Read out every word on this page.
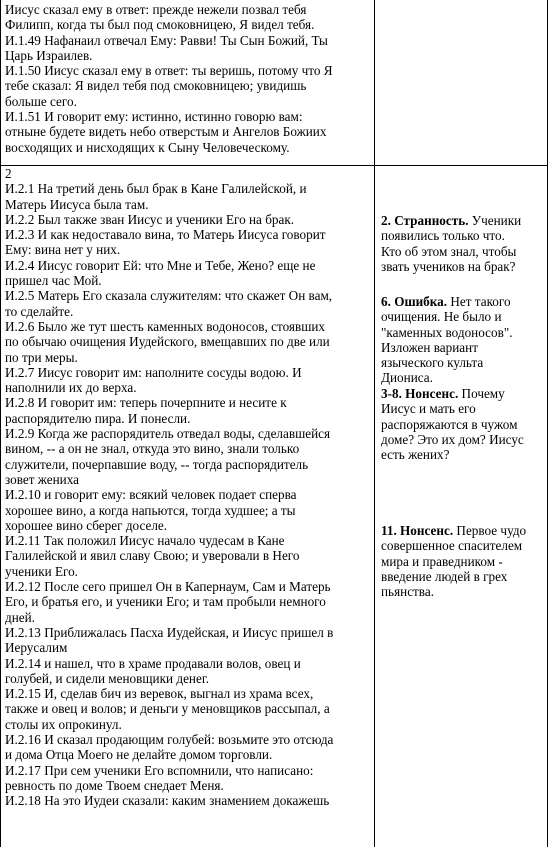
Иисус сказал ему в ответ: прежде нежели позвал тебя
Филипп, когда ты был под смоковницею, Я видел тебя.
И.1.49 Нафанаил отвечал Ему: Равви! Ты Сын Божий, Ты
Царь Израилев.
И.1.50 Иисус сказал ему в ответ: ты веришь, потому что Я
тебе сказал: Я видел тебя под смоковницею; увидишь
больше сего.
И.1.51 И говорит ему: истинно, истинно говорю вам:
отныне будете видеть небо отверстым и Ангелов Божиих
восходящих и нисходящих к Сыну Человеческому.
2
И.2.1 На третий день был брак в Кане Галилейской, и
Матерь Иисуса была там.
И.2.2 Был также зван Иисус и ученики Его на брак.
И.2.3 И как недоставало вина, то Матерь Иисуса говорит
Ему: вина нет у них.
И.2.4 Иисус говорит Ей: что Мне и Тебе, Жено? еще не
пришел час Мой.
И.2.5 Матерь Его сказала служителям: что скажет Он вам,
то сделайте.
И.2.6 Было же тут шесть каменных водоносов, стоявших
по обычаю очищения Иудейского, вмещавших по две или
по три меры.
И.2.7 Иисус говорит им: наполните сосуды водою. И
наполнили их до верха.
И.2.8 И говорит им: теперь почерпните и несите к
распорядителю пира. И понесли.
И.2.9 Когда же распорядитель отведал воды, сделавшейся
вином, -- а он не знал, откуда это вино, знали только
служители, почерпавшие воду, -- тогда распорядитель
зовет жениха
И.2.10 и говорит ему: всякий человек подает сперва
хорошее вино, а когда напьются, тогда худшее; а ты
хорошее вино сберег доселе.
И.2.11 Так положил Иисус начало чудесам в Кане
Галилейской и явил славу Свою; и уверовали в Него
ученики Его.
И.2.12 После сего пришел Он в Капернаум, Сам и Матерь
Его, и братья его, и ученики Его; и там пробыли немного
дней.
И.2.13 Приближалась Пасха Иудейская, и Иисус пришел в
Иерусалим
И.2.14 и нашел, что в храме продавали волов, овец и
голубей, и сидели меновщики денег.
И.2.15 И, сделав бич из веревок, выгнал из храма всех,
также и овец и волов; и деньги у меновщиков рассыпал, а
столы их опрокинул.
И.2.16 И сказал продающим голубей: возьмите это отсюда
и дома Отца Моего не делайте домом торговли.
И.2.17 При сем ученики Его вспомнили, что написано:
ревность по доме Твоем снедает Меня.
И.2.18 На это Иудеи сказали: каким знамением докажешь
2. Странность. Ученики
появились только что.
Кто об этом знал, чтобы
звать учеников на брак?
6. Ошибка. Нет такого
очищения. Не было и
"каменных водоносов".
Изложен вариант
языческого культа
Диониса.
3-8. Нонсенс. Почему
Иисус и мать его
распоряжаются в чужом
доме? Это их дом? Иисус
есть жених?
11. Нонсенс. Первое чудо
совершенное спасителем
мира и праведником -
введение людей в грех
пьянства.
